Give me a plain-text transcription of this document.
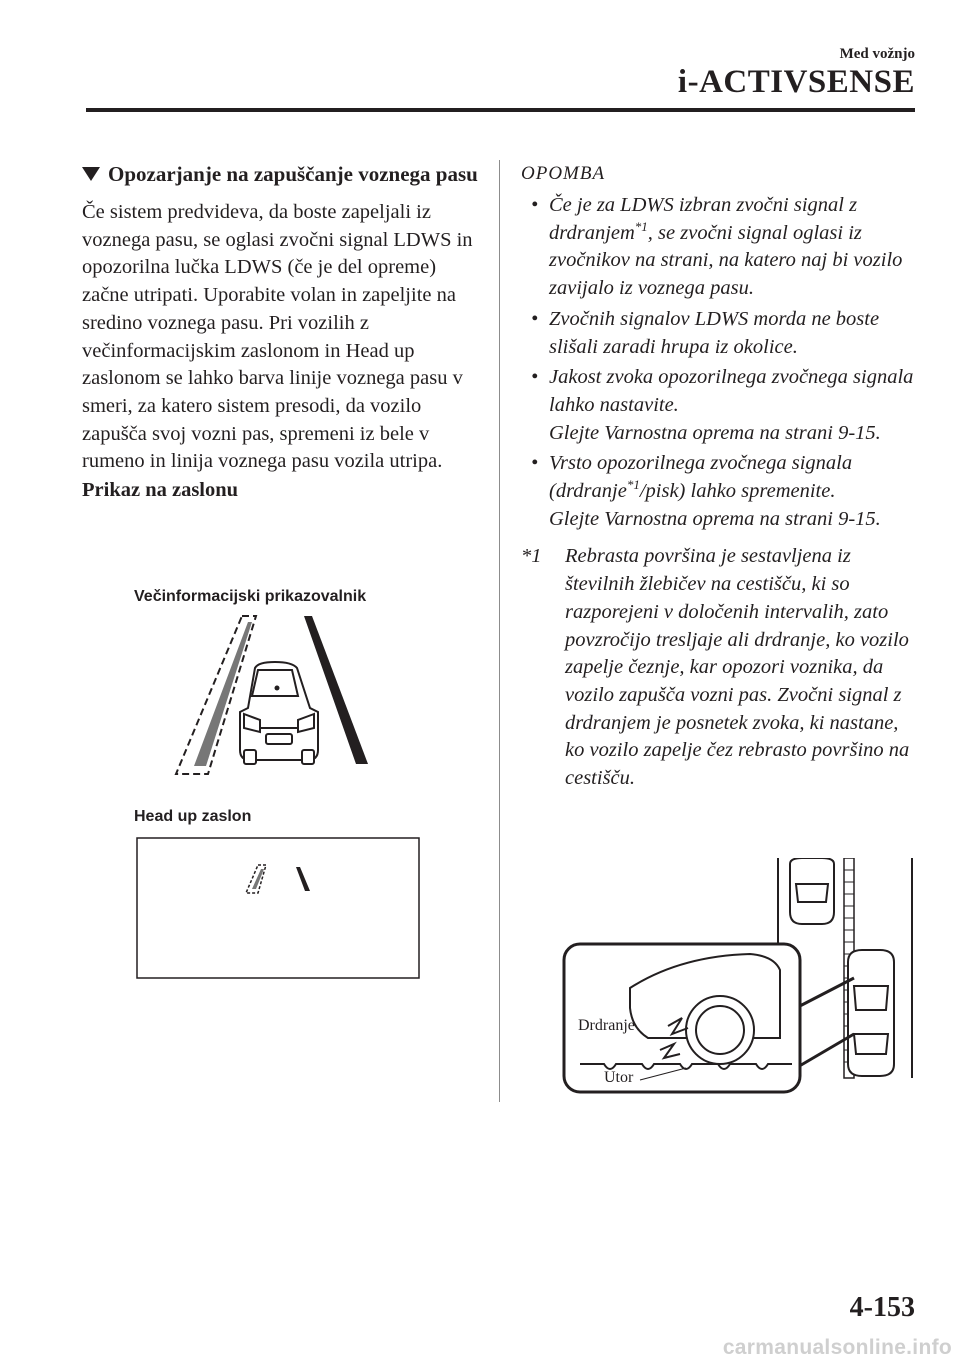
Med vožnjo
i-ACTIVSENSE
Opozarjanje na zapuščanje voznega pasu
Če sistem predvideva, da boste zapeljali iz voznega pasu, se oglasi zvočni signal LDWS in opozorilna lučka LDWS (če je del opreme) začne utripati. Uporabite volan in zapeljite na sredino voznega pasu. Pri vozilih z večinformacijskim zaslonom in Head up zaslonom se lahko barva linije voznega pasu v smeri, za katero sistem presodi, da vozilo zapušča svoj vozni pas, spremeni iz bele v rumeno in linija voznega pasu vozila utripa.
Prikaz na zaslonu
Večinformacijski prikazovalnik
Head up zaslon
OPOMBA
• Če je za LDWS izbran zvočni signal z drdranjem$^{*1}$, se zvočni signal oglasi iz zvočnikov na strani, na katero naj bi vozilo zavijalo iz voznega pasu.
• Zvočnih signalov LDWS morda ne boste slišali zaradi hrupa iz okolice.
• Jakost zvoka opozorilnega zvočnega signala lahko nastavite.
Glejte Varnostna oprema na strani 9-15.
• Vrsto opozorilnega zvočnega signala (drdranje$^{*1}$/pisk) lahko spremenite.
Glejte Varnostna oprema na strani 9-15.
*1	Rebrasta površina je sestavljena iz številnih žlebičev na cestišču, ki so razporejeni v določenih intervalih, zato povzročijo tresljaje ali drdranje, ko vozilo zapelje čeznje, kar opozori voznika, da vozilo zapušča vozni pas. Zvočni signal z drdranjem je posnetek zvoka, ki nastane, ko vozilo zapelje čez rebrasto površino na cestišču.
Drdranje
Utor
4-153
carmanualsonline.info
